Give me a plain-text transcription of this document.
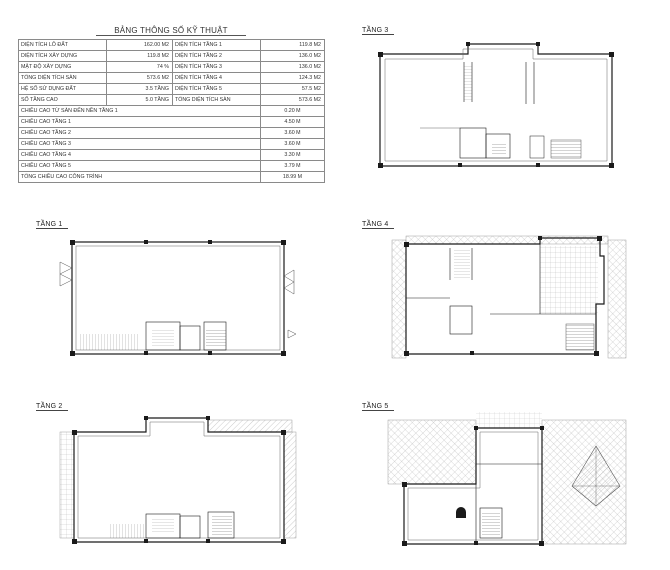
BẢNG THÔNG SỐ KỸ THUẬT
DIỆN TÍCH LÔ ĐẤT	162.00 M2	DIỆN TÍCH TẦNG 1	119.8 M2
DIỆN TÍCH XÂY DỰNG	119.8 M2	DIỆN TÍCH TẦNG 2	136.0 M2
MẬT ĐỘ XÂY DỰNG	74 %	DIỆN TÍCH TẦNG 3	136.0 M2
TỔNG DIỆN TÍCH SÀN	573.6 M2	DIỆN TÍCH TẦNG 4	124.3 M2
HỆ SỐ SỬ DỤNG ĐẤT	3.5 TẦNG	DIỆN TÍCH TẦNG 5	57.5 M2
SỐ TẦNG CAO	5.0 TẦNG	TỔNG DIỆN TÍCH SÀN	573.6 M2
CHIỀU CAO TỪ SÀN ĐẾN NỀN TẦNG 1			0.20 M
CHIỀU CAO TẦNG 1			4.50 M
CHIỀU CAO TẦNG 2			3.60 M
CHIỀU CAO TẦNG 3			3.60 M
CHIỀU CAO TẦNG 4			3.30 M
CHIỀU CAO TẦNG 5			3.79 M
TỔNG CHIỀU CAO CÔNG TRÌNH			18.99 M
TẦNG 3
TẦNG 1	TẦNG 4
TẦNG 2	TẦNG 5
